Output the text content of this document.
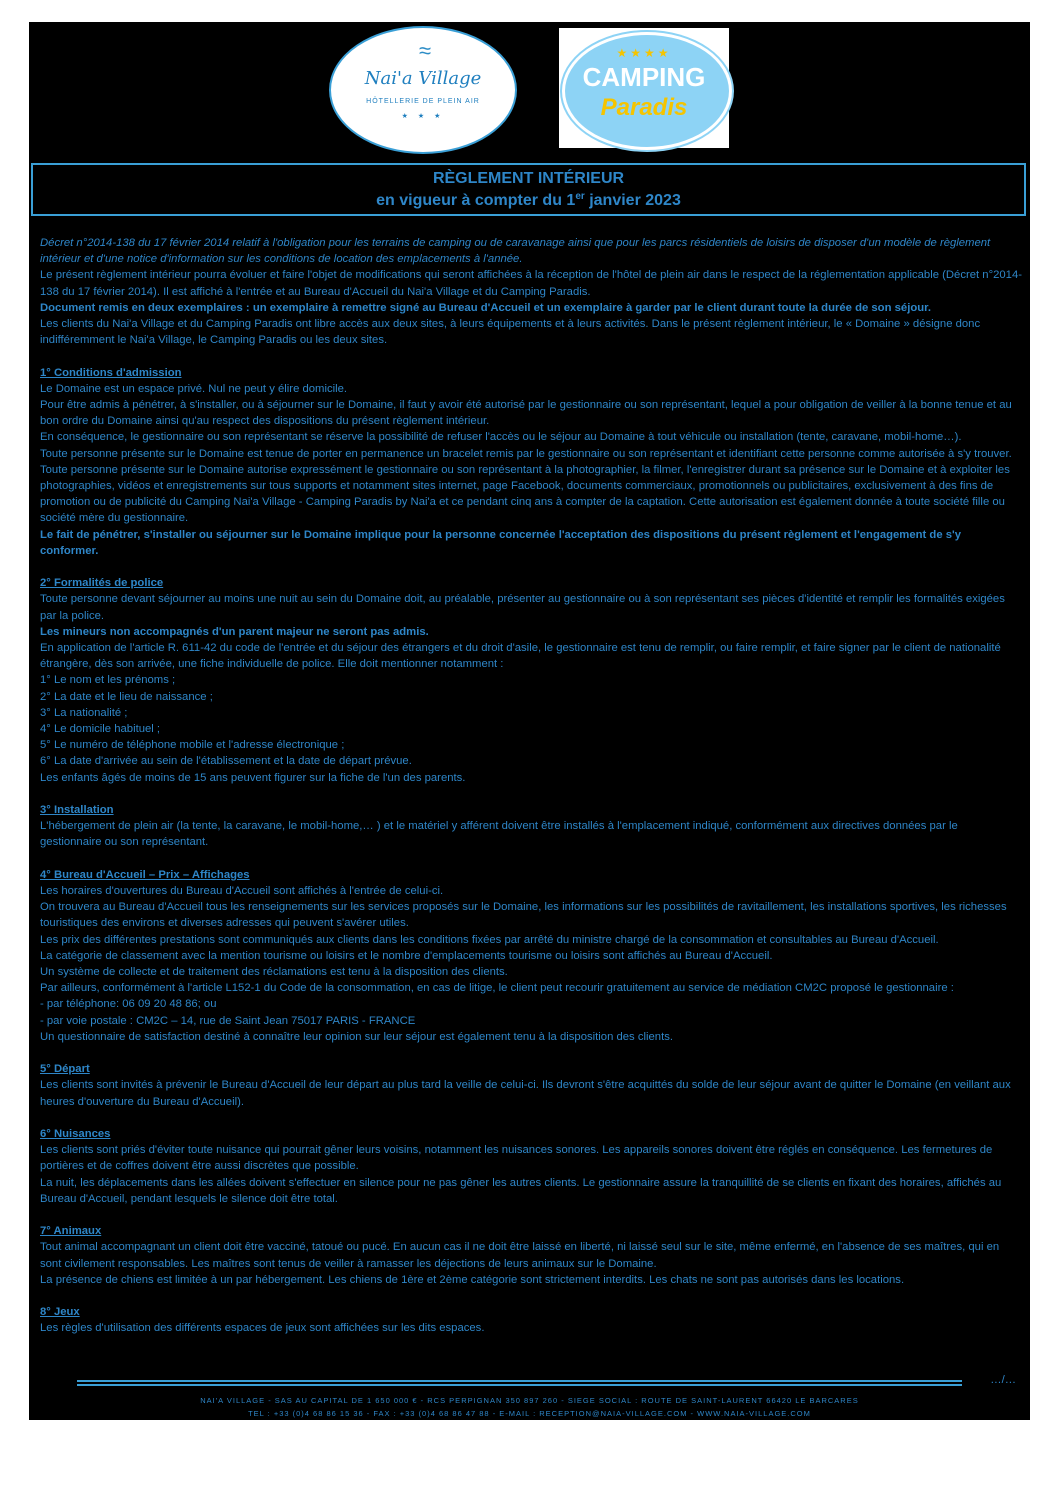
≈
Nai'a Village
HÔTELLERIE DE PLEIN AIR
★ ★ ★
★★★★
CAMPING
Paradis
RÈGLEMENT INTÉRIEUR
en vigueur à compter du 1er janvier 2023

Décret n°2014-138 du 17 février 2014 relatif à l'obligation pour les terrains de camping ou de caravanage ainsi que pour les parcs résidentiels de loisirs de disposer d'un modèle de règlement intérieur et d'une notice d'information sur les conditions de location des emplacements à l'année.

Le présent règlement intérieur pourra évoluer et faire l'objet de modifications qui seront affichées à la réception de l'hôtel de plein air dans le respect de la réglementation applicable (Décret n°2014-138 du 17 février 2014). Il est affiché à l'entrée et au Bureau d'Accueil du Nai'a Village et du Camping Paradis.

Document remis en deux exemplaires : un exemplaire à remettre signé au Bureau d'Accueil et un exemplaire à garder par le client durant toute la durée de son séjour.

Les clients du Nai'a Village et du Camping Paradis ont libre accès aux deux sites, à leurs équipements et à leurs activités. Dans le présent règlement intérieur, le « Domaine » désigne donc indifféremment le Nai'a Village, le Camping Paradis ou les deux sites.

1° Conditions d'admission

Le Domaine est un espace privé. Nul ne peut y élire domicile.

Pour être admis à pénétrer, à s'installer, ou à séjourner sur le Domaine, il faut y avoir été autorisé par le gestionnaire ou son représentant, lequel a pour obligation de veiller à la bonne tenue et au bon ordre du Domaine ainsi qu'au respect des dispositions du présent règlement intérieur.

En conséquence, le gestionnaire ou son représentant se réserve la possibilité de refuser l'accès ou le séjour au Domaine à tout véhicule ou installation (tente, caravane, mobil-home…).

Toute personne présente sur le Domaine est tenue de porter en permanence un bracelet remis par le gestionnaire ou son représentant et identifiant cette personne comme autorisée à s'y trouver.

Toute personne présente sur le Domaine autorise expressément le gestionnaire ou son représentant à la photographier, la filmer, l'enregistrer durant sa présence sur le Domaine et à exploiter les photographies, vidéos et enregistrements sur tous supports et notamment sites internet, page Facebook, documents commerciaux, promotionnels ou publicitaires, exclusivement à des fins de promotion ou de publicité du Camping Nai'a Village - Camping Paradis by Nai'a et ce pendant cinq ans à compter de la captation. Cette autorisation est également donnée à toute société fille ou société mère du gestionnaire.

Le fait de pénétrer, s'installer ou séjourner sur le Domaine implique pour la personne concernée l'acceptation des dispositions du présent règlement et l'engagement de s'y conformer.

2° Formalités de police

Toute personne devant séjourner au moins une nuit au sein du Domaine doit, au préalable, présenter au gestionnaire ou à son représentant ses pièces d'identité et remplir les formalités exigées par la police.

Les mineurs non accompagnés d'un parent majeur ne seront pas admis.

En application de l'article R. 611-42 du code de l'entrée et du séjour des étrangers et du droit d'asile, le gestionnaire est tenu de remplir, ou faire remplir, et faire signer par le client de nationalité étrangère, dès son arrivée, une fiche individuelle de police. Elle doit mentionner notamment :

1° Le nom et les prénoms ;

2° La date et le lieu de naissance ;

3° La nationalité ;

4° Le domicile habituel ;

5° Le numéro de téléphone mobile et l'adresse électronique ;

6° La date d'arrivée au sein de l'établissement et la date de départ prévue.

Les enfants âgés de moins de 15 ans peuvent figurer sur la fiche de l'un des parents.

3° Installation

L'hébergement de plein air (la tente, la caravane, le mobil-home,… ) et le matériel y afférent doivent être installés à l'emplacement indiqué, conformément aux directives données par le gestionnaire ou son représentant.

4° Bureau d'Accueil – Prix – Affichages

Les horaires d'ouvertures du Bureau d'Accueil sont affichés à l'entrée de celui-ci.

On trouvera au Bureau d'Accueil tous les renseignements sur les services proposés sur le Domaine, les informations sur les possibilités de ravitaillement, les installations sportives, les richesses touristiques des environs et diverses adresses qui peuvent s'avérer utiles.

Les prix des différentes prestations sont communiqués aux clients dans les conditions fixées par arrêté du ministre chargé de la consommation et consultables au Bureau d'Accueil.

La catégorie de classement avec la mention tourisme ou loisirs et le nombre d'emplacements tourisme ou loisirs sont affichés au Bureau d'Accueil.

Un système de collecte et de traitement des réclamations est tenu à la disposition des clients.

Par ailleurs, conformément à l'article L152-1 du Code de la consommation, en cas de litige, le client peut recourir gratuitement au service de médiation CM2C proposé le gestionnaire :

- par téléphone: 06 09 20 48 86; ou

- par voie postale : CM2C – 14, rue de Saint Jean 75017 PARIS - FRANCE

Un questionnaire de satisfaction destiné à connaître leur opinion sur leur séjour est également tenu à la disposition des clients.

5° Départ

Les clients sont invités à prévenir le Bureau d'Accueil de leur départ au plus tard la veille de celui-ci. Ils devront s'être acquittés du solde de leur séjour avant de quitter le Domaine (en veillant aux heures d'ouverture du Bureau d'Accueil).

6° Nuisances

Les clients sont priés d'éviter toute nuisance qui pourrait gêner leurs voisins, notamment les nuisances sonores. Les appareils sonores doivent être réglés en conséquence. Les fermetures de portières et de coffres doivent être aussi discrètes que possible.

La nuit, les déplacements dans les allées doivent s'effectuer en silence pour ne pas gêner les autres clients. Le gestionnaire assure la tranquillité de se clients en fixant des horaires, affichés au Bureau d'Accueil, pendant lesquels le silence doit être total.

7° Animaux

Tout animal accompagnant un client doit être vacciné, tatoué ou pucé. En aucun cas il ne doit être laissé en liberté, ni laissé seul sur le site, même enfermé, en l'absence de ses maîtres, qui en sont civilement responsables. Les maîtres sont tenus de veiller à ramasser les déjections de leurs animaux sur le Domaine.

La présence de chiens est limitée à un par hébergement. Les chiens de 1ère et 2ème catégorie sont strictement interdits. Les chats ne sont pas autorisés dans les locations.

8° Jeux

Les règles d'utilisation des différents espaces de jeux sont affichées sur les dits espaces.

…/…
NAI'A VILLAGE - SAS AU CAPITAL DE 1 650 000 € - RCS PERPIGNAN 350 897 260 - SIEGE SOCIAL : ROUTE DE SAINT-LAURENT 66420 LE BARCARES
TEL : +33 (0)4 68 86 15 36 - FAX : +33 (0)4 68 86 47 88 - E-MAIL : RECEPTION@NAIA-VILLAGE.COM - WWW.NAIA-VILLAGE.COM
